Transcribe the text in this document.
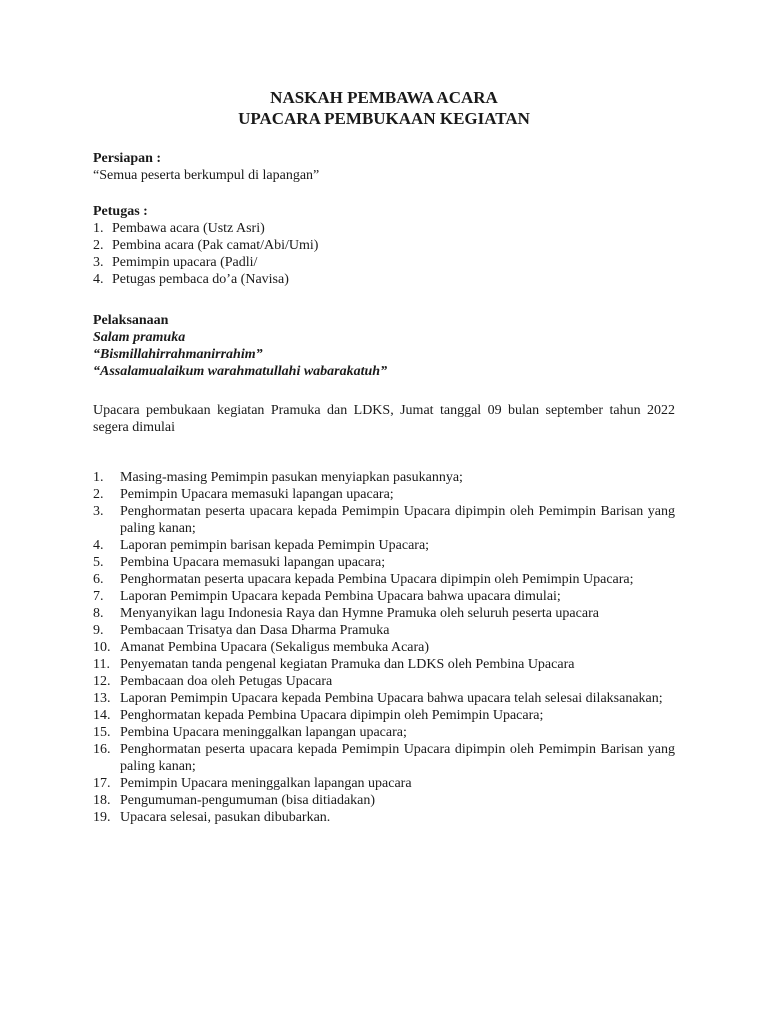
NASKAH PEMBAWA ACARA
UPACARA PEMBUKAAN KEGIATAN
Persiapan :
“Semua peserta berkumpul di lapangan”
Petugas :
1. Pembawa acara (Ustz Asri)
2. Pembina acara (Pak camat/Abi/Umi)
3. Pemimpin upacara (Padli/
4. Petugas pembaca do’a (Navisa)
Pelaksanaan
Salam pramuka
“Bismillahirrahmanirrahim”
“Assalamualaikum warahmatullahi wabarakatuh”
Upacara pembukaan kegiatan Pramuka dan LDKS, Jumat tanggal 09 bulan september tahun 2022 segera dimulai
1.	Masing-masing Pemimpin pasukan menyiapkan pasukannya;
2.	Pemimpin Upacara memasuki lapangan upacara;
3.	Penghormatan peserta upacara kepada Pemimpin Upacara dipimpin oleh Pemimpin Barisan yang paling kanan;
4.	Laporan pemimpin barisan kepada Pemimpin Upacara;
5.	Pembina Upacara memasuki lapangan upacara;
6.	Penghormatan peserta upacara kepada Pembina Upacara dipimpin oleh Pemimpin Upacara;
7.	Laporan Pemimpin Upacara kepada Pembina Upacara bahwa upacara dimulai;
8.	Menyanyikan lagu Indonesia Raya dan Hymne Pramuka oleh seluruh peserta upacara
9.	Pembacaan Trisatya dan Dasa Dharma Pramuka
10. Amanat Pembina Upacara (Sekaligus membuka Acara)
11. Penyematan tanda pengenal kegiatan Pramuka dan LDKS oleh Pembina Upacara
12. Pembacaan doa oleh Petugas Upacara
13. Laporan Pemimpin Upacara kepada Pembina Upacara bahwa upacara telah selesai dilaksanakan;
14. Penghormatan kepada Pembina Upacara dipimpin oleh Pemimpin Upacara;
15. Pembina Upacara meninggalkan lapangan upacara;
16. Penghormatan peserta upacara kepada Pemimpin Upacara dipimpin oleh Pemimpin Barisan yang paling kanan;
17. Pemimpin Upacara meninggalkan lapangan upacara
18. Pengumuman-pengumuman (bisa ditiadakan)
19. Upacara selesai, pasukan dibubarkan.
